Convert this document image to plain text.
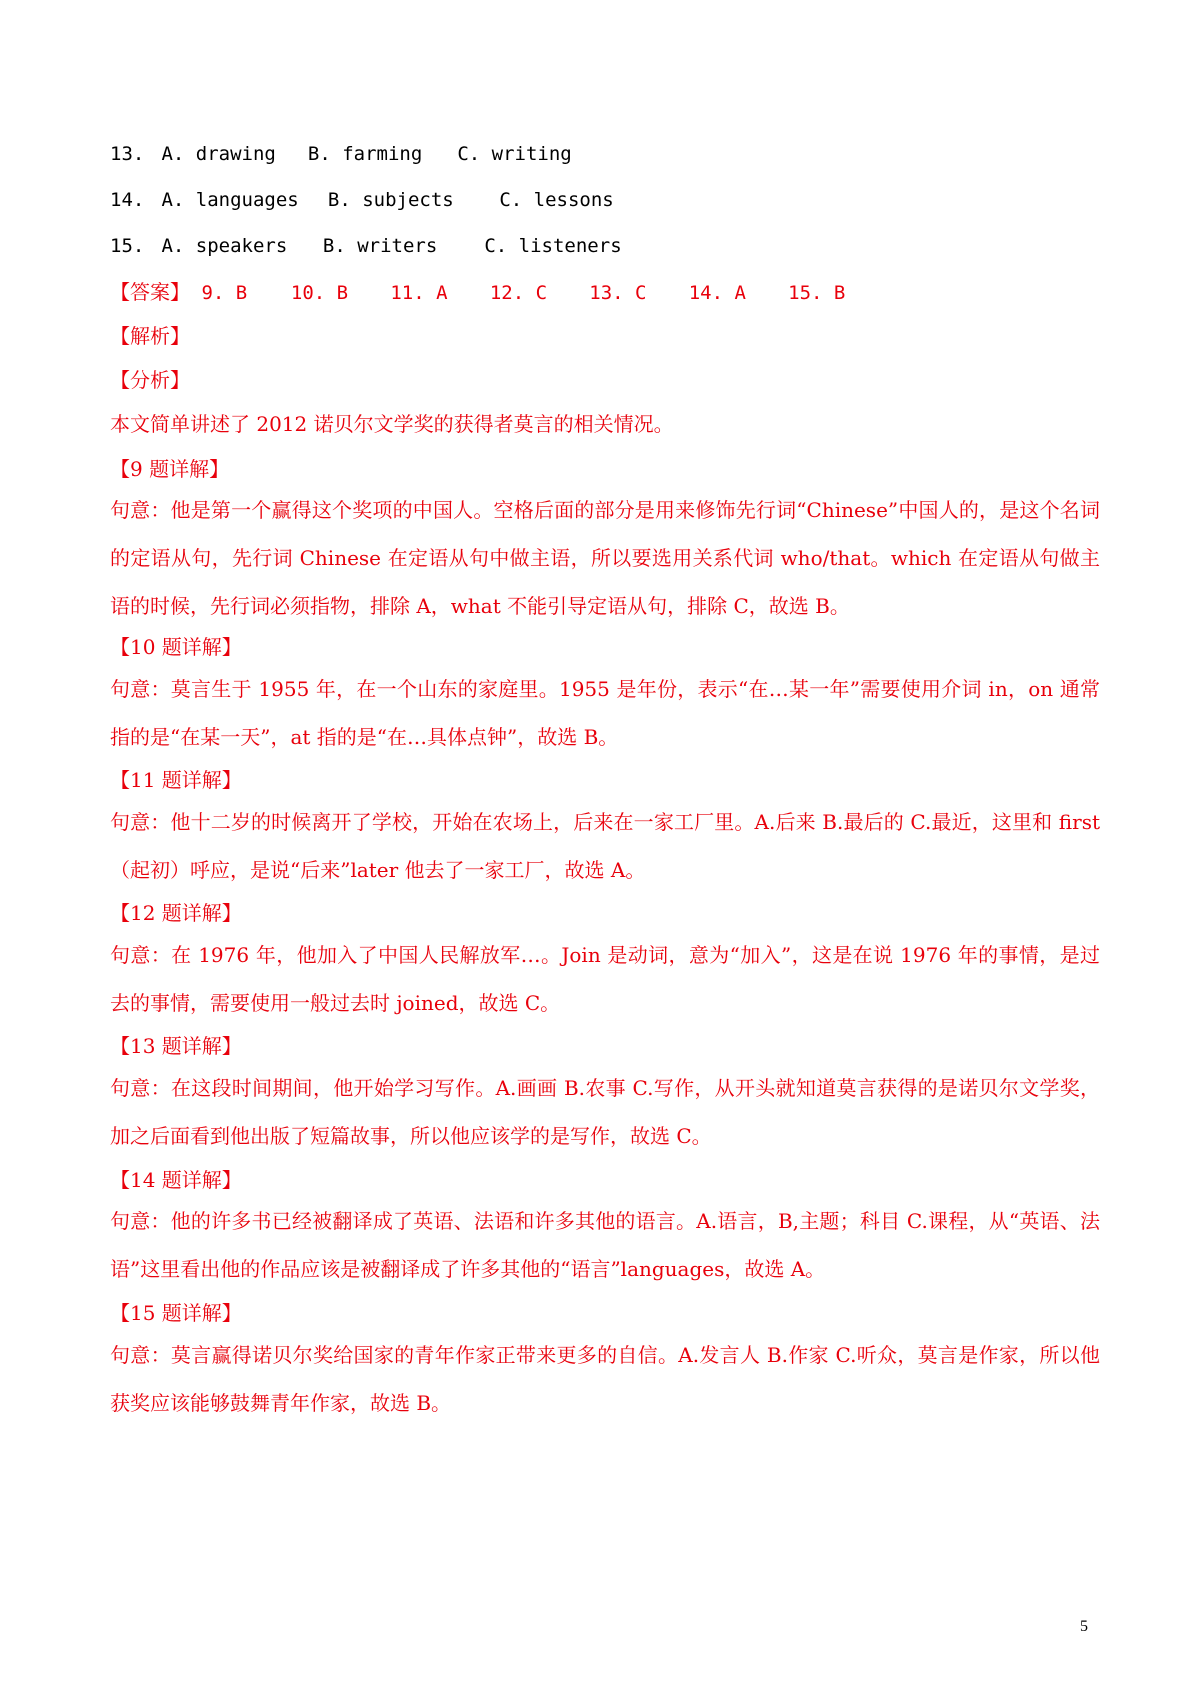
13. A. drawing B. farming C. writing
14. A. languages B. subjects C. lessons
15. A. speakers B. writers C. listeners
【答案】 9. B 10. B 11. A 12. C 13. C 14. A 15. B
【解析】
【分析】
本文简单讲述了 2012 诺贝尔文学奖的获得者莫言的相关情况。
【9 题详解】
句意：他是第一个赢得这个奖项的中国人。空格后面的部分是用来修饰先行词“Chinese”中国人的，是这个名词的定语从句，先行词 Chinese 在定语从句中做主语，所以要选用关系代词 who/that。which 在定语从句做主语的时候，先行词必须指物，排除 A，what 不能引导定语从句，排除 C，故选 B。
【10 题详解】
句意：莫言生于 1955 年，在一个山东的家庭里。1955 是年份，表示“在…某一年”需要使用介词 in，on 通常指的是“在某一天”，at 指的是“在…具体点钟”，故选 B。
【11 题详解】
句意：他十二岁的时候离开了学校，开始在农场上，后来在一家工厂里。A.后来 B.最后的 C.最近，这里和 first（起初）呼应，是说“后来”later 他去了一家工厂，故选 A。
【12 题详解】
句意：在 1976 年，他加入了中国人民解放军…。Join 是动词，意为“加入”，这是在说 1976 年的事情，是过去的事情，需要使用一般过去时 joined，故选 C。
【13 题详解】
句意：在这段时间期间，他开始学习写作。A.画画 B.农事 C.写作，从开头就知道莫言获得的是诺贝尔文学奖，加之后面看到他出版了短篇故事，所以他应该学的是写作，故选 C。
【14 题详解】
句意：他的许多书已经被翻译成了英语、法语和许多其他的语言。A.语言，B,主题；科目 C.课程，从“英语、法语”这里看出他的作品应该是被翻译成了许多其他的“语言”languages，故选 A。
【15 题详解】
句意：莫言赢得诺贝尔奖给国家的青年作家正带来更多的自信。A.发言人 B.作家 C.听众，莫言是作家，所以他获奖应该能够鼓舞青年作家，故选 B。
5
